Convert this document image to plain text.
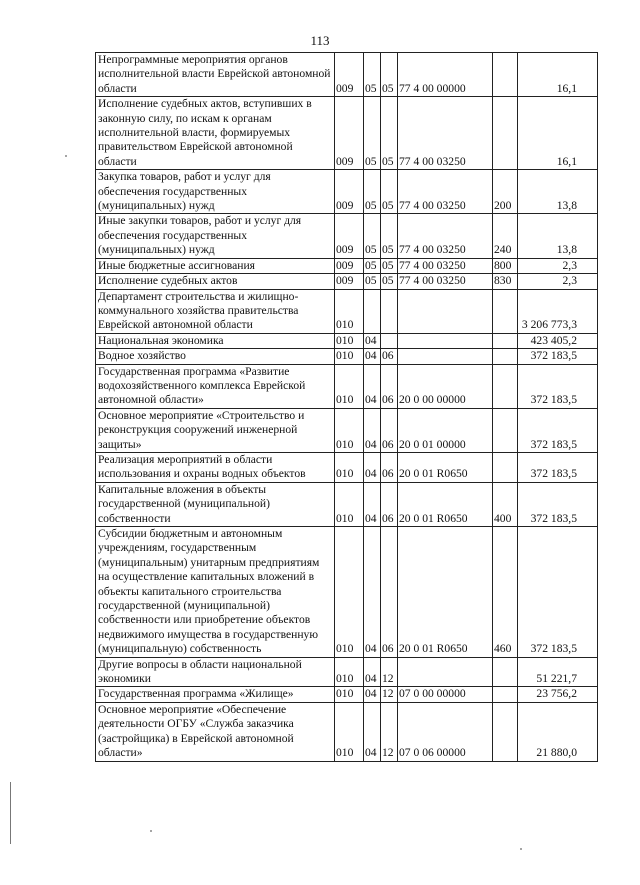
113
Непрограммные мероприятия органов исполнительной власти Еврейской автономной области	009	05	05	77 4 00 00000		16,1
Исполнение судебных актов, вступивших в законную силу, по искам к органам исполнительной власти, формируемых правительством Еврейской автономной области	009	05	05	77 4 00 03250		16,1
Закупка товаров, работ и услуг для обеспечения государственных (муниципальных) нужд	009	05	05	77 4 00 03250	200	13,8
Иные закупки товаров, работ и услуг для обеспечения государственных (муниципальных) нужд	009	05	05	77 4 00 03250	240	13,8
Иные бюджетные ассигнования	009	05	05	77 4 00 03250	800	2,3
Исполнение судебных актов	009	05	05	77 4 00 03250	830	2,3
Департамент строительства и жилищно-коммунального хозяйства правительства Еврейской автономной области	010					3 206 773,3
Национальная экономика	010	04				423 405,2
Водное хозяйство	010	04	06			372 183,5
Государственная программа «Развитие водохозяйственного комплекса Еврейской автономной области»	010	04	06	20 0 00 00000		372 183,5
Основное мероприятие «Строительство и реконструкция сооружений инженерной защиты»	010	04	06	20 0 01 00000		372 183,5
Реализация мероприятий в области использования и охраны водных объектов	010	04	06	20 0 01 R0650		372 183,5
Капитальные вложения в объекты государственной (муниципальной) собственности	010	04	06	20 0 01 R0650	400	372 183,5
Субсидии бюджетным и автономным учреждениям, государственным (муниципальным) унитарным предприятиям на осуществление капитальных вложений в объекты капитального строительства государственной (муниципальной) собственности или приобретение объектов недвижимого имущества в государственную (муниципальную) собственность	010	04	06	20 0 01 R0650	460	372 183,5
Другие вопросы в области национальной экономики	010	04	12			51 221,7
Государственная программа «Жилище»	010	04	12	07 0 00 00000		23 756,2
Основное мероприятие «Обеспечение деятельности ОГБУ «Служба заказчика (застройщика) в Еврейской автономной области»	010	04	12	07 0 06 00000		21 880,0
